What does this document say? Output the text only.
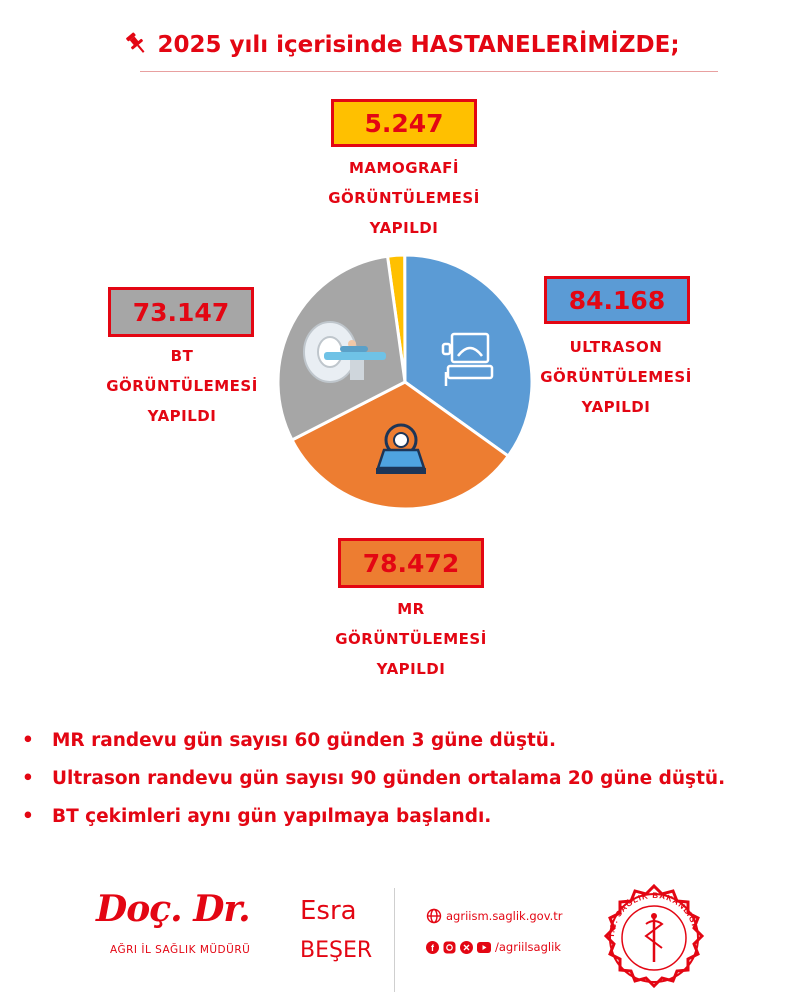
2025 yılı içerisinde HASTANELERİMİZDE;
5.247
MAMOGRAFİ
GÖRÜNTÜLEMESİ
YAPILDI
73.147
BT
GÖRÜNTÜLEMESİ
YAPILDI
84.168
ULTRASON
GÖRÜNTÜLEMESİ
YAPILDI
78.472
MR
GÖRÜNTÜLEMESİ
YAPILDI
• MR randevu gün sayısı 60 günden 3 güne düştü.
• Ultrason randevu gün sayısı 90 günden ortalama 20 güne düştü.
• BT çekimleri aynı gün yapılmaya başlandı.
Doç. Dr. Esra
AĞRI İL SAĞLIK MÜDÜRÜ BEŞER
agriism.saglik.gov.tr
f	/agriilsaglik
T.C. SAĞLIK BAKANLIĞI
